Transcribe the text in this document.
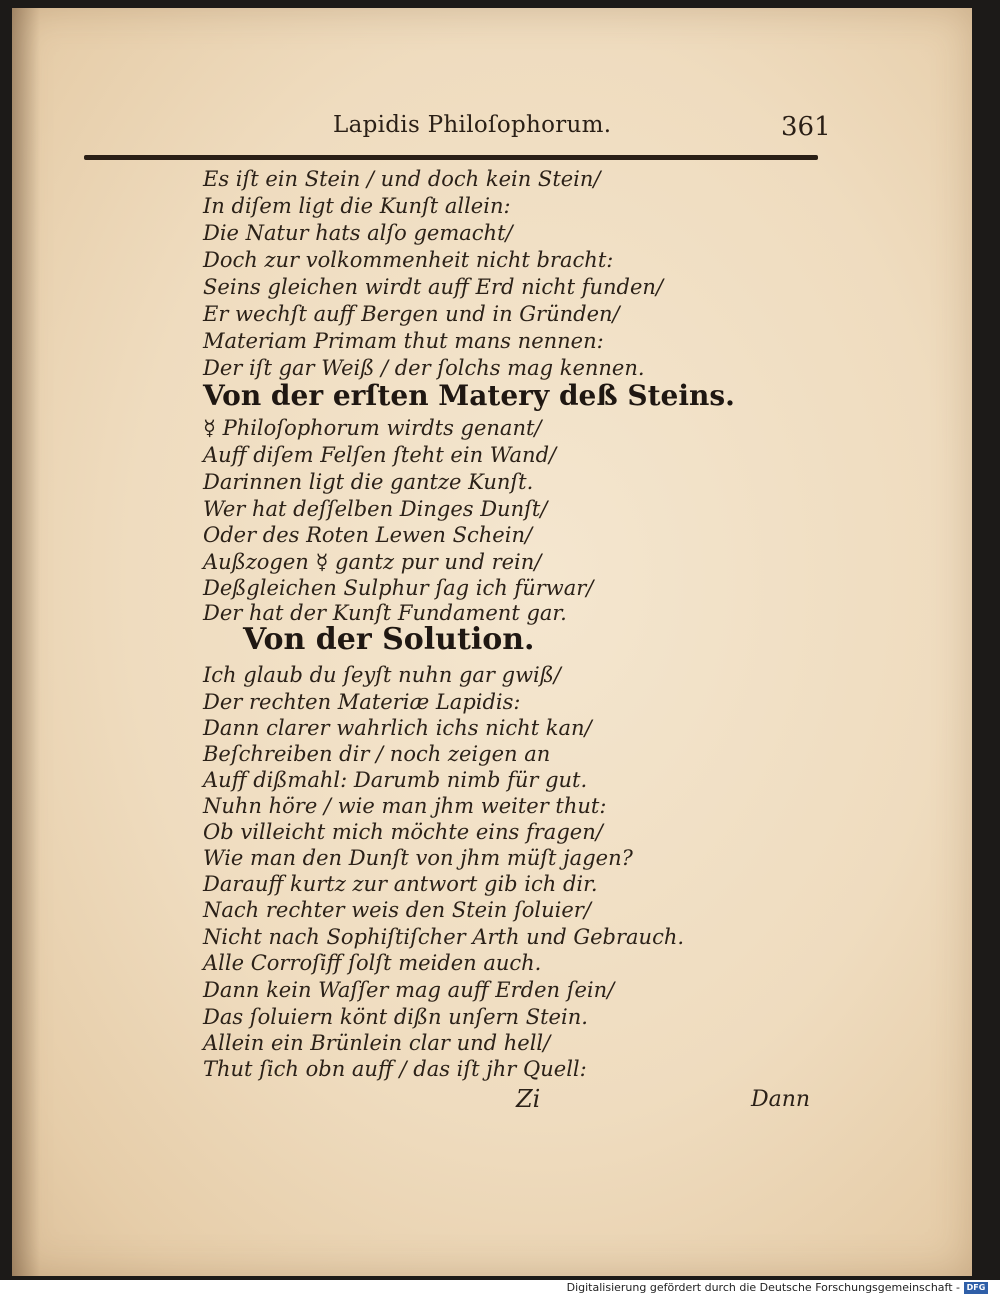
Lapidis Philoſophorum.	361
Es iſt ein Stein / und doch kein Stein/
In diſem ligt die Kunſt allein:
Die Natur hats alſo gemacht/
Doch zur volkommenheit nicht bracht:
Seins gleichen wirdt auff Erd nicht funden/
Er wechſt auff Bergen und in Gründen/
Materiam Primam thut mans nennen:
Der iſt gar Weiß / der ſolchs mag kennen.
Von der erſten Matery deß Steins.
☿ Philoſophorum wirdts genant/
Auff diſem Felſen ſteht ein Wand/
Darinnen ligt die gantze Kunſt.
Wer hat deſſelben Dinges Dunſt/
Oder des Roten Lewen Schein/
Außzogen ☿ gantz pur und rein/
Deßgleichen Sulphur ſag ich fürwar/
Der hat der Kunſt Fundament gar.
Von der Solution.
Ich glaub du ſeyſt nuhn gar gwiß/
Der rechten Materiæ Lapidis:
Dann clarer wahrlich ichs nicht kan/
Beſchreiben dir / noch zeigen an
Auff dißmahl: Darumb nimb für gut.
Nuhn höre / wie man jhm weiter thut:
Ob villeicht mich möchte eins fragen/
Wie man den Dunſt von jhm müſt jagen?
Darauff kurtz zur antwort gib ich dir.
Nach rechter weis den Stein ſoluier/
Nicht nach Sophiſtiſcher Arth und Gebrauch.
Alle Corroſiff ſolſt meiden auch.
Dann kein Waſſer mag auff Erden ſein/
Das ſoluiern könt dißn unſern Stein.
Allein ein Brünlein clar und hell/
Thut ſich obn auff / das iſt jhr Quell:
Zi	Dann
Digitalisierung gefördert durch die Deutsche Forschungsgemeinschaft - DFG
